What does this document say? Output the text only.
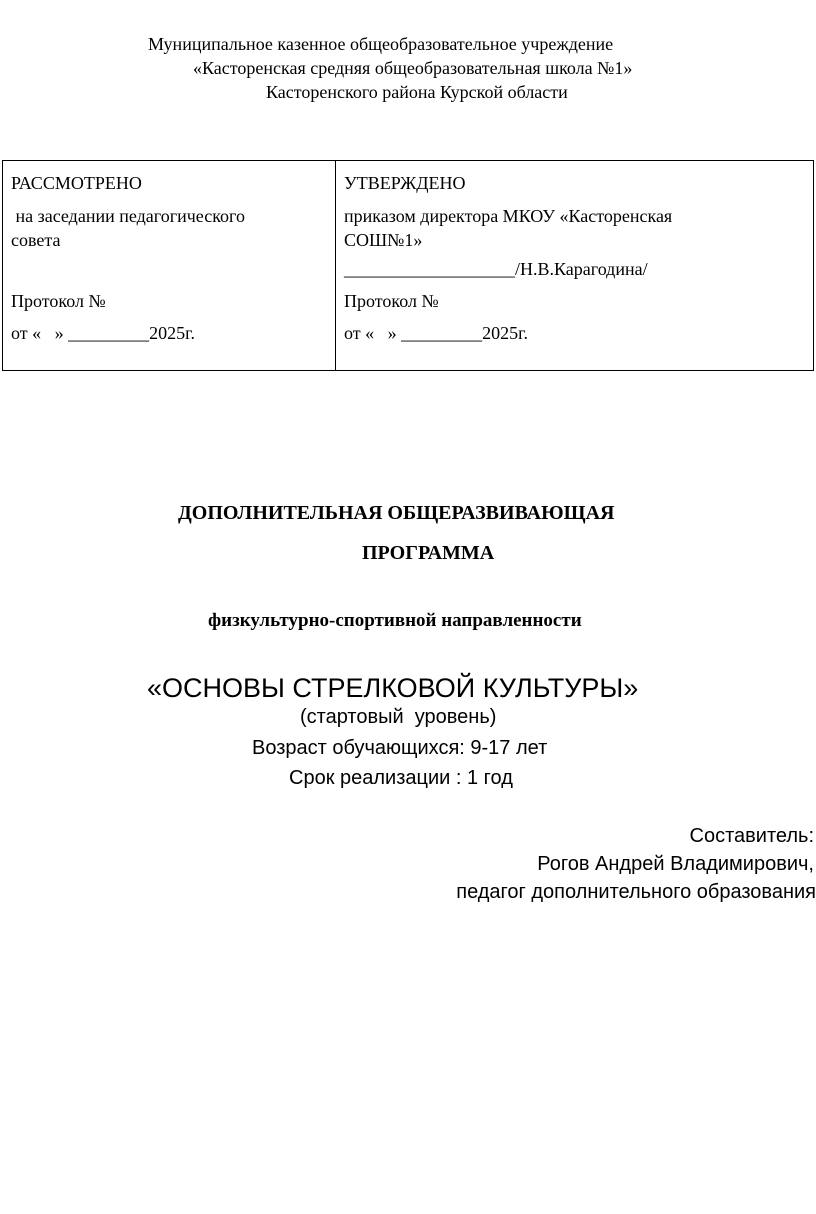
Муниципальное казенное общеобразовательное учреждение
«Касторенская средняя общеобразовательная школа №1»
Касторенского района Курской области
РАССМОТРЕНО
на заседании педагогического
совета
Протокол №
от «   » _________2025г.
УТВЕРЖДЕНО
приказом директора МКОУ «Касторенская
СОШ№1»
___________________/Н.В.Карагодина/
Протокол №
от «   » _________2025г.
ДОПОЛНИТЕЛЬНАЯ ОБЩЕРАЗВИВАЮЩАЯ
ПРОГРАММА
физкультурно-спортивной направленности
«ОСНОВЫ СТРЕЛКОВОЙ КУЛЬТУРЫ»
(стартовый  уровень)
Возраст обучающихся: 9-17 лет
Срок реализации : 1 год
Составитель:
Рогов Андрей Владимирович,
педагог дополнительного образования
